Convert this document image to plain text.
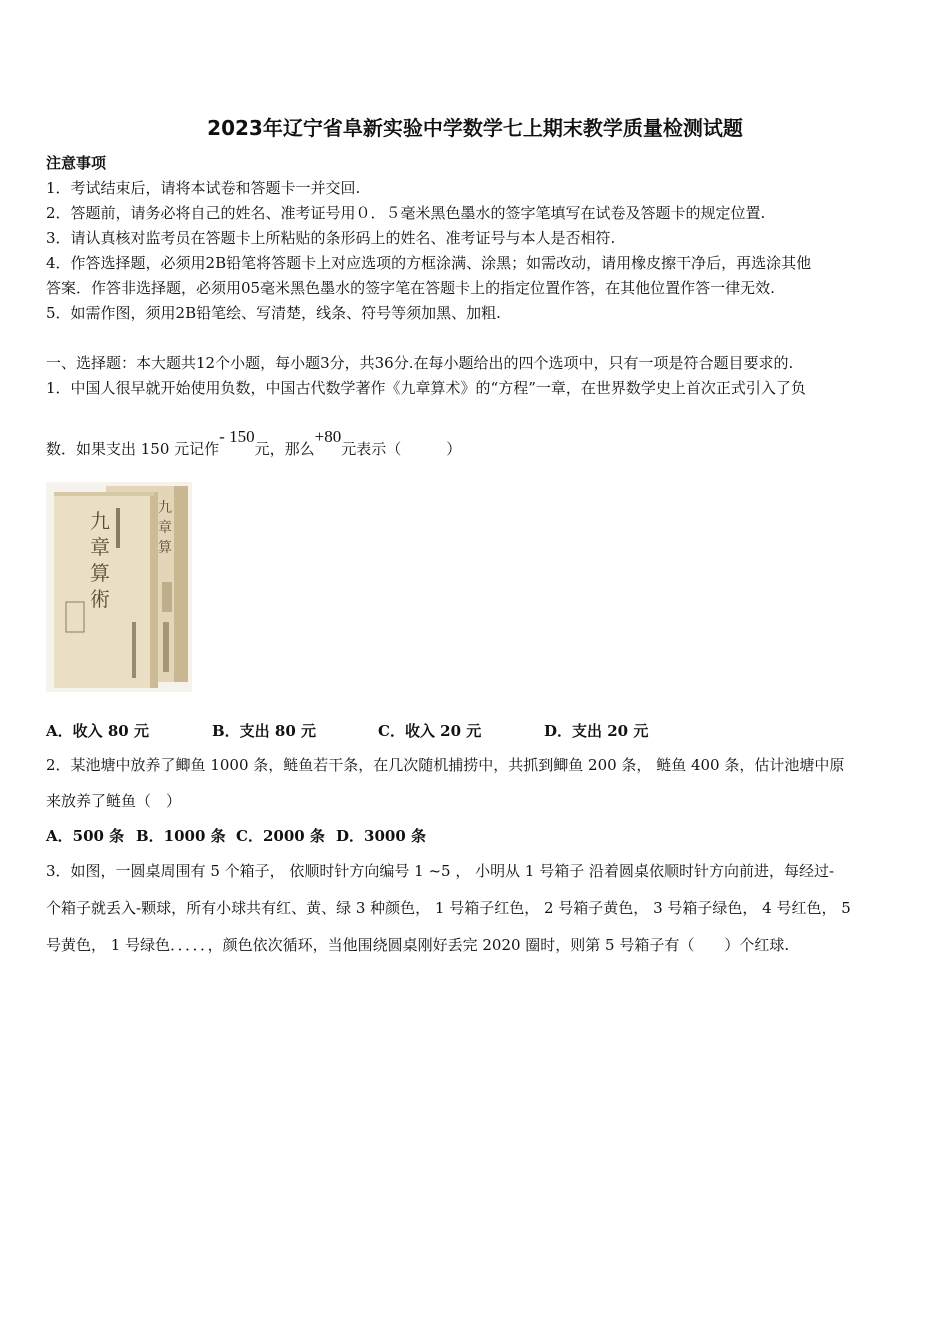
2023年辽宁省阜新实验中学数学七上期末教学质量检测试题
注意事项
1．考试结束后，请将本试卷和答题卡一并交回.
2．答题前，请务必将自己的姓名、准考证号用０．５毫米黑色墨水的签字笔填写在试卷及答题卡的规定位置.
3．请认真核对监考员在答题卡上所粘贴的条形码上的姓名、准考证号与本人是否相符.
4．作答选择题，必须用2B铅笔将答题卡上对应选项的方框涂满、涂黑；如需改动，请用橡皮擦干净后，再选涂其他
答案．作答非选择题，必须用05毫米黑色墨水的签字笔在答题卡上的指定位置作答，在其他位置作答一律无效.
5．如需作图，须用2B铅笔绘、写清楚，线条、符号等须加黑、加粗.
一、选择题：本大题共12个小题，每小题3分，共36分.在每小题给出的四个选项中，只有一项是符合题目要求的.
1．中国人很早就开始使用负数，中国古代数学著作《九章算术》的“方程”一章，在世界数学史上首次正式引入了负
数．如果支出 150 元记作- 150元，那么+80元表示（　　　）
九
章
算
術
九
章
算
A．收入 80 元	B．支出 80 元	C．收入 20 元	D．支出 20 元
2．某池塘中放养了鲫鱼 1000 条，鲢鱼若干条，在几次随机捕捞中，共抓到鲫鱼 200 条， 鲢鱼 400 条，估计池塘中原
来放养了鲢鱼（　）
A．500 条 B．1000 条 C．2000 条 D．3000 条
3．如图，一圆桌周围有 5 个箱子， 依顺时针方向编号 1 ~5 ， 小明从 1 号箱子 沿着圆桌依顺时针方向前进，每经过-
个箱子就丢入-颗球，所有小球共有红、黄、绿 3 种颜色， 1 号箱子红色， 2 号箱子黄色， 3 号箱子绿色， 4 号红色， 5
号黄色， 1 号绿色．．．．．，颜色依次循环，当他围绕圆桌刚好丢完 2020 圈时，则第 5 号箱子有（　　）个红球.
